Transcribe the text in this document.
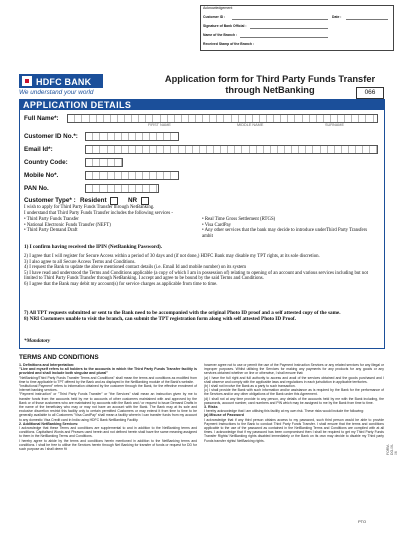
Acknowledgement
Customer ID :	Date :
Signature of Bank Official :
Name of the Branch :
Received Stamp of the Branch :
HDFC BANK
We understand your world
Application form for Third Party Funds Transfer
through NetBanking	066
APPLICATION DETAILS
Full Name*:
FIRST NAME	MIDDLE NAME	SURNAME
Customer ID No.*:
Email Id*:
Country Code:
Mobile No*.
PAN No.
Customer Type* : Resident	NR
I wish to apply for Third Party Funds Transfer through NetBanking.
I understand that Third Party Funds Transfer includes the following services -
• Third Party Funds Transfer
• National Electronic Funds Transfer (NEFT)
• Third Party Demand Draft
• Real Time Gross Settlement (RTGS)
• Visa CardPay
• Any other services that the bank may decide to introduce underThird Party Transfers ambit
1) I confirm having received the IPIN (NetBanking Password).
2) I agree that I will register for Secure Access within a period of 30 days and (if not done,) HDFC Bank may disable my TPT rights, at its sole discretion.
3) I also agree to all Secure Access Terms and Conditions.
4) I request the Bank to update the above mentioned contact details (i.e. Email Id and mobile number) on its system
5) I have read and understood the Terms and Conditions applicable (a copy of which I am in possession of) relating to opening of an account and various services including but not limited to Third Party Funds Transfer through NetBanking. I accept and agree to be bound by the said Terms and Conditions.
6) I agree that the Bank may debit my account(s) for service charges as applicable from time to time.
7) All TPT requests submitted or sent to the Bank need to be accompanied with the original Photo ID proof and a self attested copy of the same.
8) NRI Customers unable to visit the branch, can submit the TPT registration form along with self attested Photo ID Proof.
*Mandatory
TERMS AND CONDITIONS
1. Definitions and Interpretation:
"Live and myself refers to all holders to the accounts in which the Third Party Funds Transfer facility is provided and shall include both singular and plural"
"NetBanking/Third Party Funds Transfer Terms and Conditions" shall mean the terms and conditions as modified from time to time applicable to TPT offered by the Bank and as displayed in the NetBanking module of the Bank's website.
"Institutional Payment" refers to information obtained by the customer through the Bank, for the effective enrolment of Internet banking services.
"Payment instruction" or "Third Party Funds Transfer" or "the Services" shall mean an instruction given by me to transfer funds from the accounts held by me to accounts of other customers maintained with and approved by the Bank or of those customers who are maintained by accounts with the Bank and / or request to issue Demand Drafts in the name of the beneficiary who may or may not have an account with the Bank. The Bank may at its sole and exclusive discretion restrict this facility only to certain permitted Customers or may extend it from time to time to be generally available to all Customers "Visa CardPay" shall mean a facility wherein I can transfer funds from my account to any domestic Visa Credit card in India using HDFC Bank NetBanking Facility.
2. Additional NetBanking Services:
I acknowledge that these Terms and conditions are supplemental to and in addition to the NetBanking terms and conditions. Capitalised Words and Phrases used herein and not defined herein shall have the same meaning assigned to them in the NetBanking Terms and Conditions.
I hereby agree to abide by the terms and conditions herein mentioned in addition to the NetBanking terms and conditions. I shall be free to utilise the Services herein through Net Banking for transfer of funds or request for DD for such purpose as I shall deem fit
however agree not to use or permit the use of the Payment Instruction Services or any related services for any illegal or improper purposes. Whilst utilising the Services for making any payments for any products for any goods or any services obtained whether on line or otherwise, I shall ensure that:
(a) I have the full right and full authority to access and avail of the services obtained and the goods purchased and I shall observe and comply with the applicable laws and regulations in each jurisdiction in applicable territories.
(b) I shall not involve the Bank as a party to such transaction.
(c) I shall provide the Bank with such information and/or assistance as is required by the Bank for the performance of the Services and/or any other obligations of the Bank under this Agreement.
(d) I shall not at any time provide to any person, any details of the accounts held by me with the Bank including, the passwords, account number, card numbers and PIN which may be assigned to me by the Bank from time to time.
3. Risks
I hereby acknowledge that I am utilising this facility at my own risk. These risks would include the following:
(a) Misuse of Password
I acknowledge that if any third person obtains access to my password, such third person would be able to provide Payment Instructions to the Bank to conduct Third Party Funds Transfer. I shall ensure that the terms and conditions applicable to the use of the password as contained in the NetBanking Terms and Conditions are complied with at all times. I acknowledge that if my password has been compromised then I shall be required to get my Third Party Funds Transfer Rights/ NetBanking rights disabled immediately or the Bank on its own may decide to disable my Third party Funds transfer rights/ NetBanking rights.
FORM-DO-06-06
PTO
